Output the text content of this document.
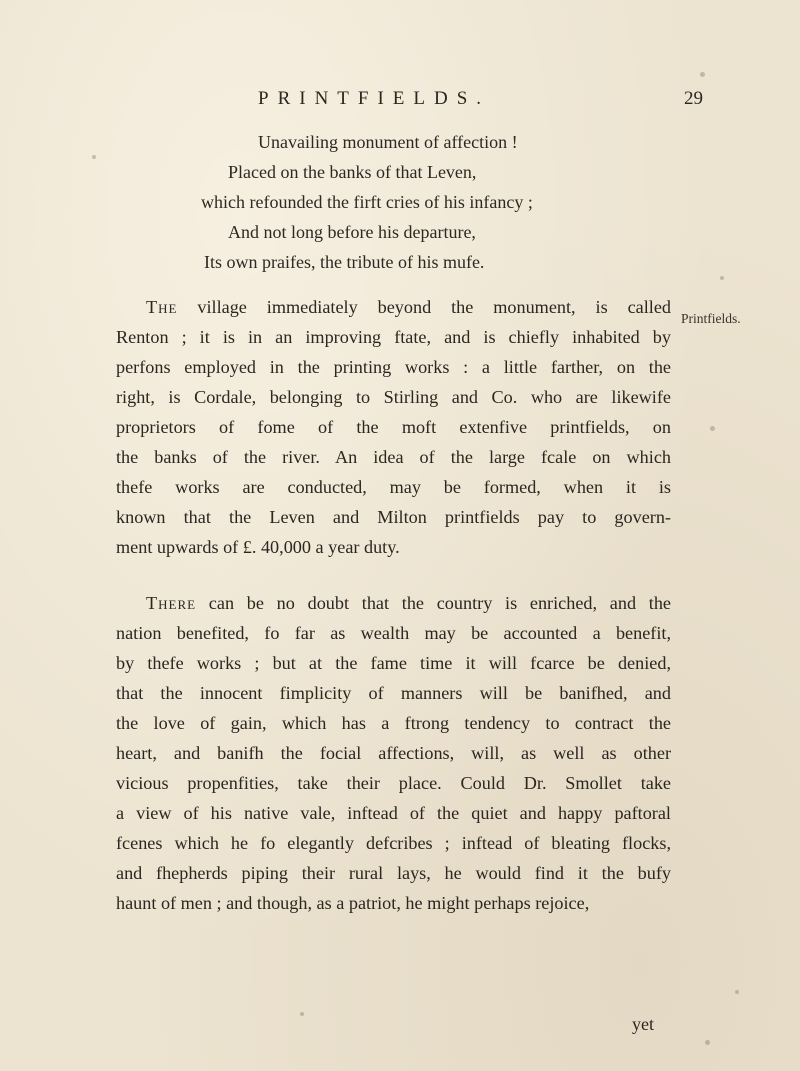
PRINTFIELDS.	29
Unavailing monument of affection !
Placed on the banks of that Leven,
which refounded the firft cries of his infancy ;
And not long before his departure,
Its own praifes, the tribute of his mufe.
Printfields.
The village immediately beyond the monument, is called
Renton ; it is in an improving ftate, and is chiefly inhabited by
perfons employed in the printing works : a little farther, on the
right, is Cordale, belonging to Stirling and Co. who are likewife
proprietors of fome of the moft extenfive printfields, on
the banks of the river. An idea of the large fcale on which
thefe works are conducted, may be formed, when it is
known that the Leven and Milton printfields pay to govern-
ment upwards of £. 40,000 a year duty.
There can be no doubt that the country is enriched, and the
nation benefited, fo far as wealth may be accounted a benefit,
by thefe works ; but at the fame time it will fcarce be denied,
that the innocent fimplicity of manners will be banifhed, and
the love of gain, which has a ftrong tendency to contract the
heart, and banifh the focial affections, will, as well as other
vicious propenfities, take their place. Could Dr. Smollet take
a view of his native vale, inftead of the quiet and happy paftoral
fcenes which he fo elegantly defcribes ; inftead of bleating flocks,
and fhepherds piping their rural lays, he would find it the bufy
haunt of men ; and though, as a patriot, he might perhaps rejoice,
yet
